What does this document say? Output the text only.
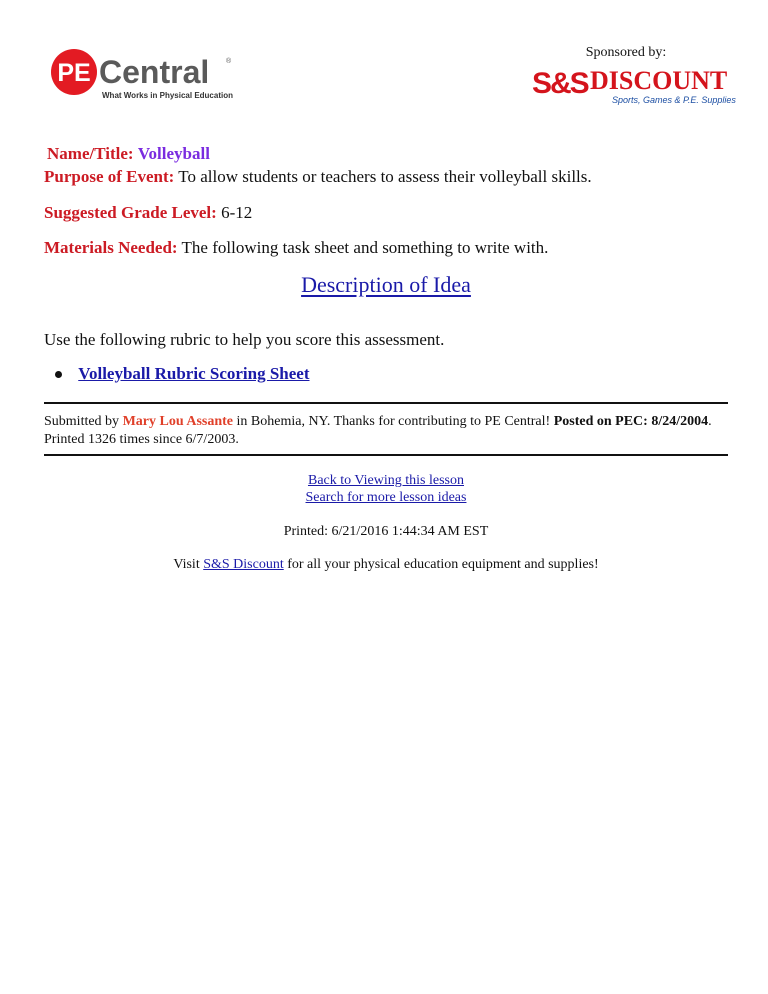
PE Central ®
What Works in Physical Education
Sponsored by:
S&S DISCOUNT
Sports, Games & P.E. Supplies
Name/Title: Volleyball
Purpose of Event: To allow students or teachers to assess their volleyball skills.
Suggested Grade Level: 6-12
Materials Needed: The following task sheet and something to write with.
Description of Idea
Use the following rubric to help you score this assessment.
Volleyball Rubric Scoring Sheet
Submitted by Mary Lou Assante in Bohemia, NY. Thanks for contributing to PE Central! Posted on PEC: 8/24/2004. Printed 1326 times since 6/7/2003.
Back to Viewing this lesson
Search for more lesson ideas
Printed: 6/21/2016 1:44:34 AM EST
Visit S&S Discount for all your physical education equipment and supplies!
